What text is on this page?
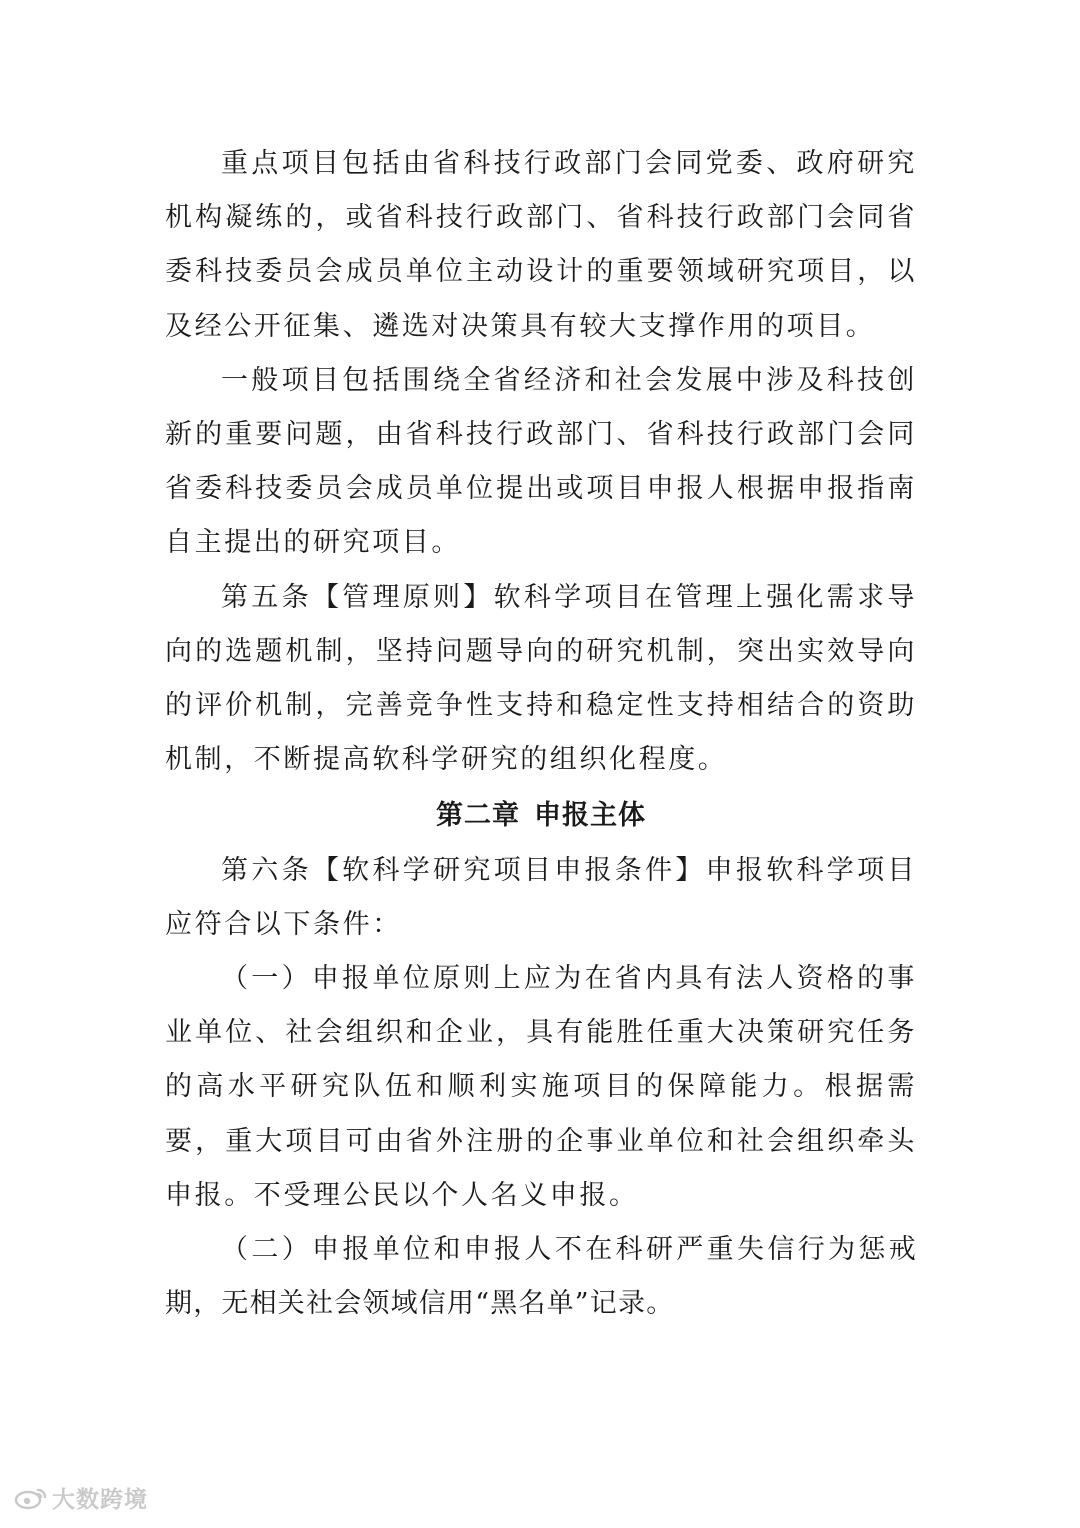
重点项目包括由省科技行政部门会同党委、政府研究机构凝练的，或省科技行政部门、省科技行政部门会同省委科技委员会成员单位主动设计的重要领域研究项目，以及经公开征集、遴选对决策具有较大支撑作用的项目。

一般项目包括围绕全省经济和社会发展中涉及科技创新的重要问题，由省科技行政部门、省科技行政部门会同省委科技委员会成员单位提出或项目申报人根据申报指南自主提出的研究项目。

第五条【管理原则】软科学项目在管理上强化需求导向的选题机制，坚持问题导向的研究机制，突出实效导向的评价机制，完善竞争性支持和稳定性支持相结合的资助机制，不断提高软科学研究的组织化程度。

第二章 申报主体

第六条【软科学研究项目申报条件】申报软科学项目应符合以下条件：

（一）申报单位原则上应为在省内具有法人资格的事业单位、社会组织和企业，具有能胜任重大决策研究任务的高水平研究队伍和顺利实施项目的保障能力。根据需要，重大项目可由省外注册的企事业单位和社会组织牵头申报。不受理公民以个人名义申报。

（二）申报单位和申报人不在科研严重失信行为惩戒期，无相关社会领域信用“黑名单”记录。

大数跨境
